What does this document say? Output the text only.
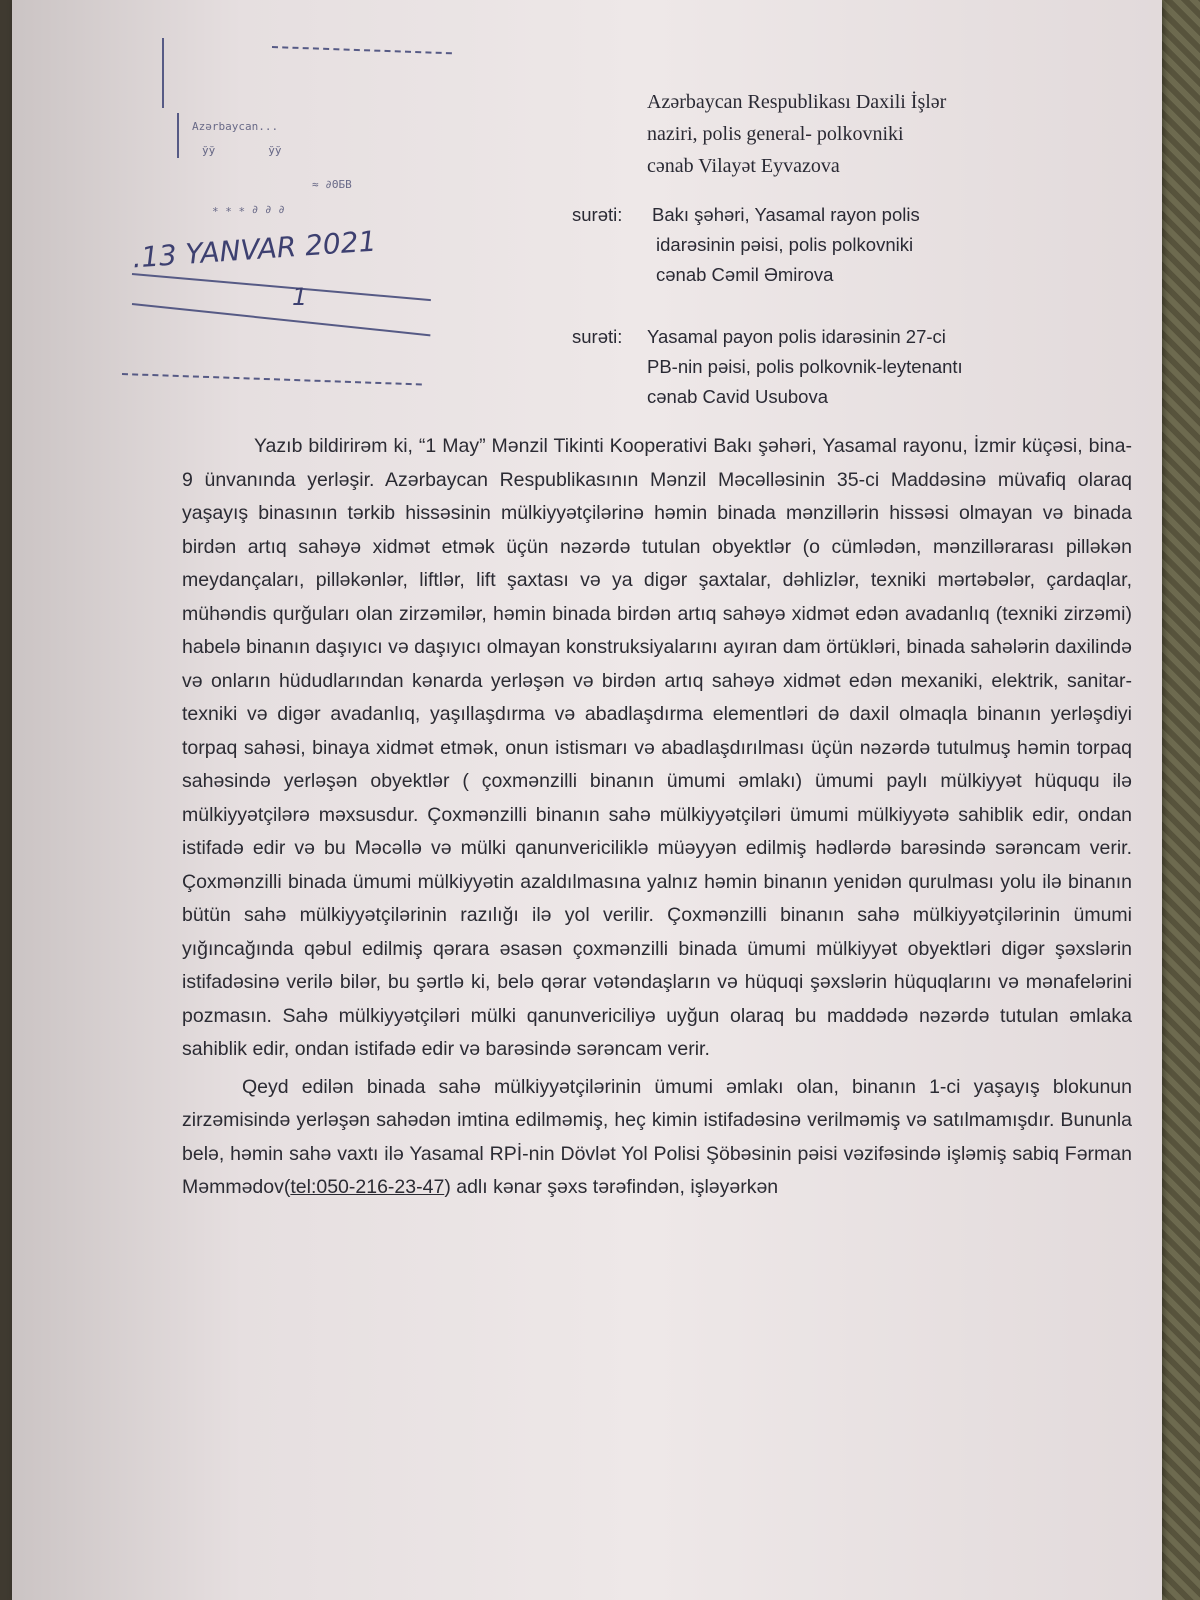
Azərbaycan...
ЎЎ        ЎЎ
≈ ∂ΘБВ
∗ ∗ ∗ ∂ ∂ ∂
.13 YANVAR 2021
1
Azərbaycan Respublikası Daxili İşlər
naziri, polis general- polkovniki
cənab Vilayət Eyvazova
surəti: Bakı şəhəri, Yasamal rayon polis
idarəsinin pəisi, polis polkovniki
cənab Cəmil Əmirova
surəti: Yasamal payon polis idarəsinin 27-ci
PB-nin pəisi, polis polkovnik-leytenantı
cənab Cavid Usubova

Yazıb bildirirəm ki, “1 May” Mənzil Tikinti Kooperativi Bakı şəhəri, Yasamal rayonu, İzmir küçəsi, bina-9 ünvanında yerləşir. Azərbaycan Respublikasının Mənzil Məcəlləsinin 35-ci Maddəsinə müvafiq olaraq yaşayış binasının tərkib hissəsinin mülkiyyətçilərinə həmin binada mənzillərin hissəsi olmayan və binada birdən artıq sahəyə xidmət etmək üçün nəzərdə tutulan obyektlər (o cümlədən, mənzillərarası pilləkən meydançaları, pilləkənlər, liftlər, lift şaxtası və ya digər şaxtalar, dəhlizlər, texniki mərtəbələr, çardaqlar, mühəndis qurğuları olan zirzəmilər, həmin binada birdən artıq sahəyə xidmət edən avadanlıq (texniki zirzəmi) habelə binanın daşıyıcı və daşıyıcı olmayan konstruksiyalarını ayıran dam örtükləri, binada sahələrin daxilində və onların hüdudlarından kənarda yerləşən və birdən artıq sahəyə xidmət edən mexaniki, elektrik, sanitar-texniki və digər avadanlıq, yaşıllaşdırma və abadlaşdırma elementləri də daxil olmaqla binanın yerləşdiyi torpaq sahəsi, binaya xidmət etmək, onun istismarı və abadlaşdırılması üçün nəzərdə tutulmuş həmin torpaq sahəsində yerləşən obyektlər ( çoxmənzilli binanın ümumi əmlakı) ümumi paylı mülkiyyət hüququ ilə mülkiyyətçilərə məxsusdur. Çoxmənzilli binanın sahə mülkiyyətçiləri ümumi mülkiyyətə sahiblik edir, ondan istifadə edir və bu Məcəllə və mülki qanunvericiliklə müəyyən edilmiş hədlərdə barəsində sərəncam verir. Çoxmənzilli binada ümumi mülkiyyətin azaldılmasına yalnız həmin binanın yenidən qurulması yolu ilə binanın bütün sahə mülkiyyətçilərinin razılığı ilə yol verilir. Çoxmənzilli binanın sahə mülkiyyətçilərinin ümumi yığıncağında qəbul edilmiş qərara əsasən çoxmənzilli binada ümumi mülkiyyət obyektləri digər şəxslərin istifadəsinə verilə bilər, bu şərtlə ki, belə qərar vətəndaşların və hüquqi şəxslərin hüquqlarını və mənafelərini pozmasın. Sahə mülkiyyətçiləri mülki qanunvericiliyə uyğun olaraq bu maddədə nəzərdə tutulan əmlaka sahiblik edir, ondan istifadə edir və barəsində sərəncam verir.

Qeyd edilən binada sahə mülkiyyətçilərinin ümumi əmlakı olan, binanın 1-ci yaşayış blokunun zirzəmisində yerləşən sahədən imtina edilməmiş, heç kimin istifadəsinə verilməmiş və satılmamışdır. Bununla belə, həmin sahə vaxtı ilə Yasamal RPİ-nin Dövlət Yol Polisi Şöbəsinin pəisi vəzifəsində işləmiş sabiq Fərman Məmmədov(tel:050-216-23-47) adlı kənar şəxs tərəfindən, işləyərkən
